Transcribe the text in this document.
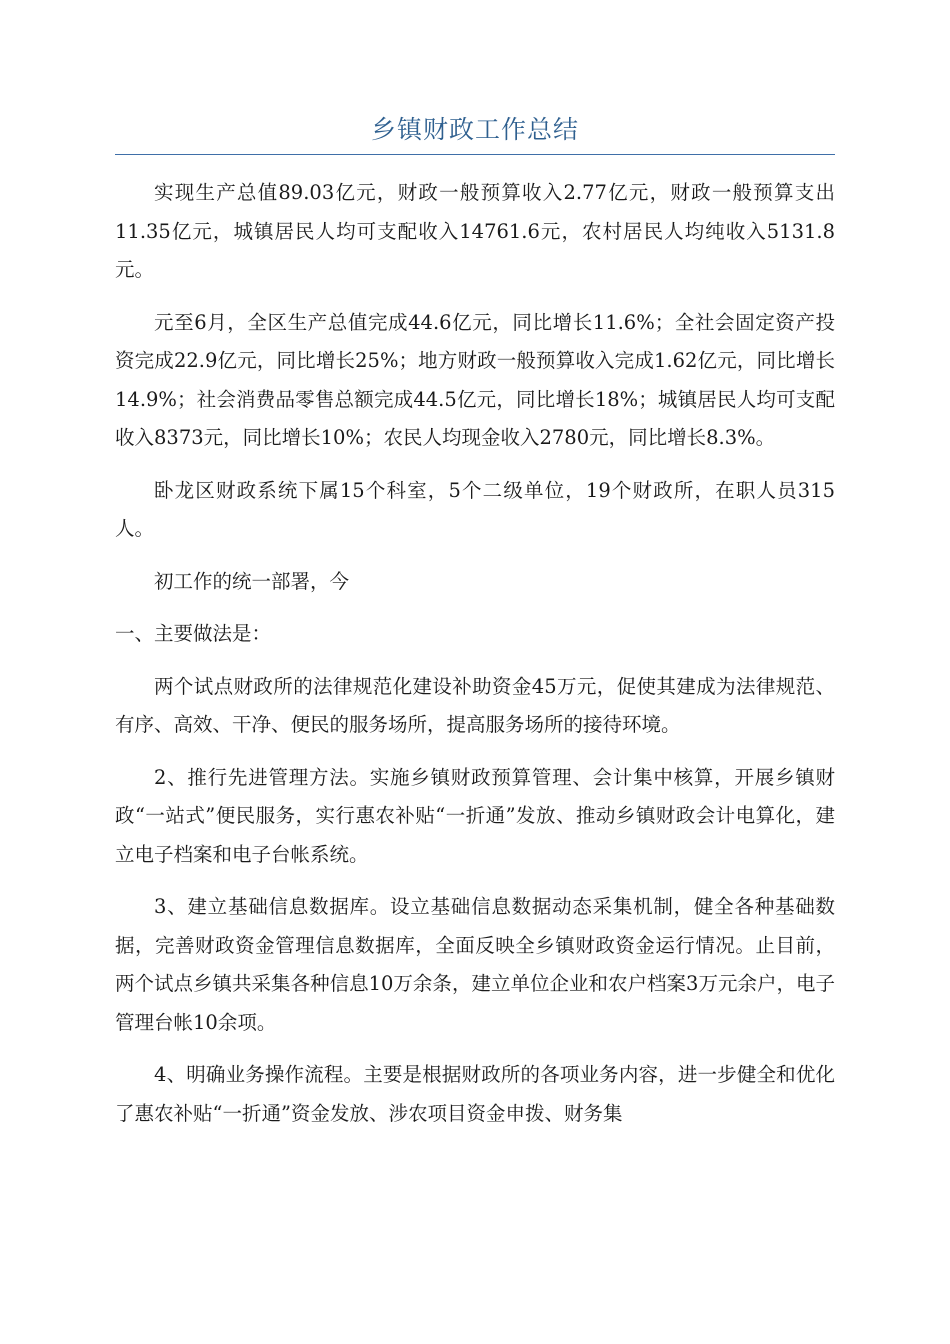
乡镇财政工作总结

实现生产总值89.03亿元，财政一般预算收入2.77亿元，财政一般预算支出11.35亿元，城镇居民人均可支配收入14761.6元，农村居民人均纯收入5131.8元。

元至6月，全区生产总值完成44.6亿元，同比增长11.6%；全社会固定资产投资完成22.9亿元，同比增长25%；地方财政一般预算收入完成1.62亿元，同比增长14.9%；社会消费品零售总额完成44.5亿元，同比增长18%；城镇居民人均可支配收入8373元，同比增长10%；农民人均现金收入2780元，同比增长8.3%。

卧龙区财政系统下属15个科室，5个二级单位，19个财政所，在职人员315人。

初工作的统一部署，今

一、主要做法是：

两个试点财政所的法律规范化建设补助资金45万元，促使其建成为法律规范、有序、高效、干净、便民的服务场所，提高服务场所的接待环境。

2、推行先进管理方法。实施乡镇财政预算管理、会计集中核算，开展乡镇财政“一站式”便民服务，实行惠农补贴“一折通”发放、推动乡镇财政会计电算化，建立电子档案和电子台帐系统。

3、建立基础信息数据库。设立基础信息数据动态采集机制，健全各种基础数据，完善财政资金管理信息数据库，全面反映全乡镇财政资金运行情况。止目前，两个试点乡镇共采集各种信息10万余条，建立单位企业和农户档案3万元余户，电子管理台帐10余项。

4、明确业务操作流程。主要是根据财政所的各项业务内容，进一步健全和优化了惠农补贴“一折通”资金发放、涉农项目资金申拨、财务集
